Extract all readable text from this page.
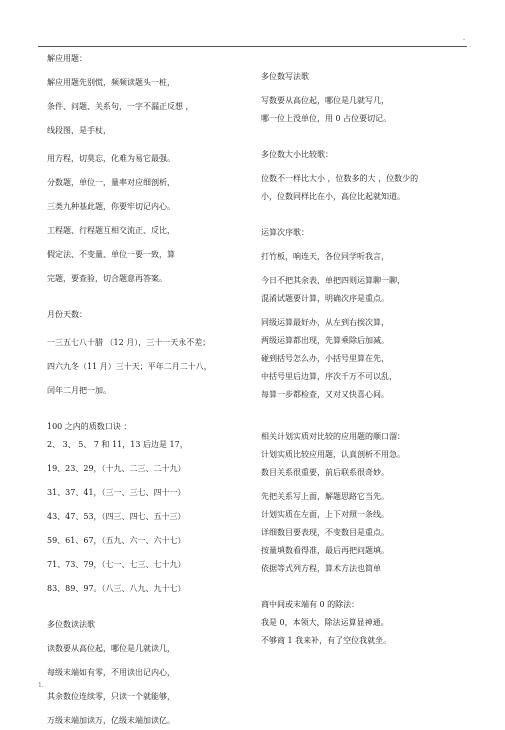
-
解应用题：
解应用题先别慌，频频读题头一桩，
条件、问题、关系句，一字不漏正反想 ，
线段图，是手杖，
用方程，切莫忘，化难为易它最强。
分数题，单位一，量率对应细剖析，
三类九种基此题，你要牢切记内心。
工程题、行程题互相交流正、反比，
假定法、不变量、单位一要一致，算
完题，要查验，切合题意再答案。
月份天数：
一三五七八十腊 （12 月），三十一天永不差；
四六九冬（11 月）三十天；平年二月二十八，
闰年二月把一加。
100 之内的质数口诀 ：
2、 3、 5、 7 和 11，13 后边是 17，
19、23、29，（十九、二三、二十九）
31、37、41，（三一、三七、四十一）
43、47、53，（四三、四七、五十三）
59、61、67，（五九、六一、六十七）
71、73、79，（七一、七三、七十九）
83、89、97。（八三、八九、九十七）
多位数读法歌
读数要从高位起，哪位是几就读几，
每级末端如有零，不用读出记内心，
其余数位连续零，只读一个就能够，
万级末端加读万，亿级末端加读亿。
多位数写法歌
写数要从高位起，哪位是几就写几，
哪一位上没单位，用 0 占位要切记。
多位数大小比较歌：
位数不一样比大小 ，位数多的大 ，位数少的
小，位数同样比在小，高位比起就知道。
运算次序歌：
打竹板，响连天，各位同学听我言，
今日不把其余表，单把四则运算聊一聊，
混淆试题要计算，明确次序是重点。
同级运算最好办，从左到右挨次算，
两级运算都出现，先算乘除后加减。
碰到括号怎么办，小括号里算在先，
中括号里后边算，序次千万不可以乱，
每算一步都检查，又对又快喜心间。
相关计划实质对比较的应用题的顺口溜：
计划实质比较应用题，认真剖析不用急。
数目关系很重要，前后联系很奇妙。
先把关系写上面，解题思路它当先。
计划实质在左面，上下对照一条线。
详细数目要表现，不变数目是重点。
按量填数看得准，最后再把问题填。
依据等式列方程，算术方法也简单
商中间或末端有 0 的除法：
我是 0，本领大，除法运算显神通。
不够商 1 我来补，有了空位我就坐。
1.
